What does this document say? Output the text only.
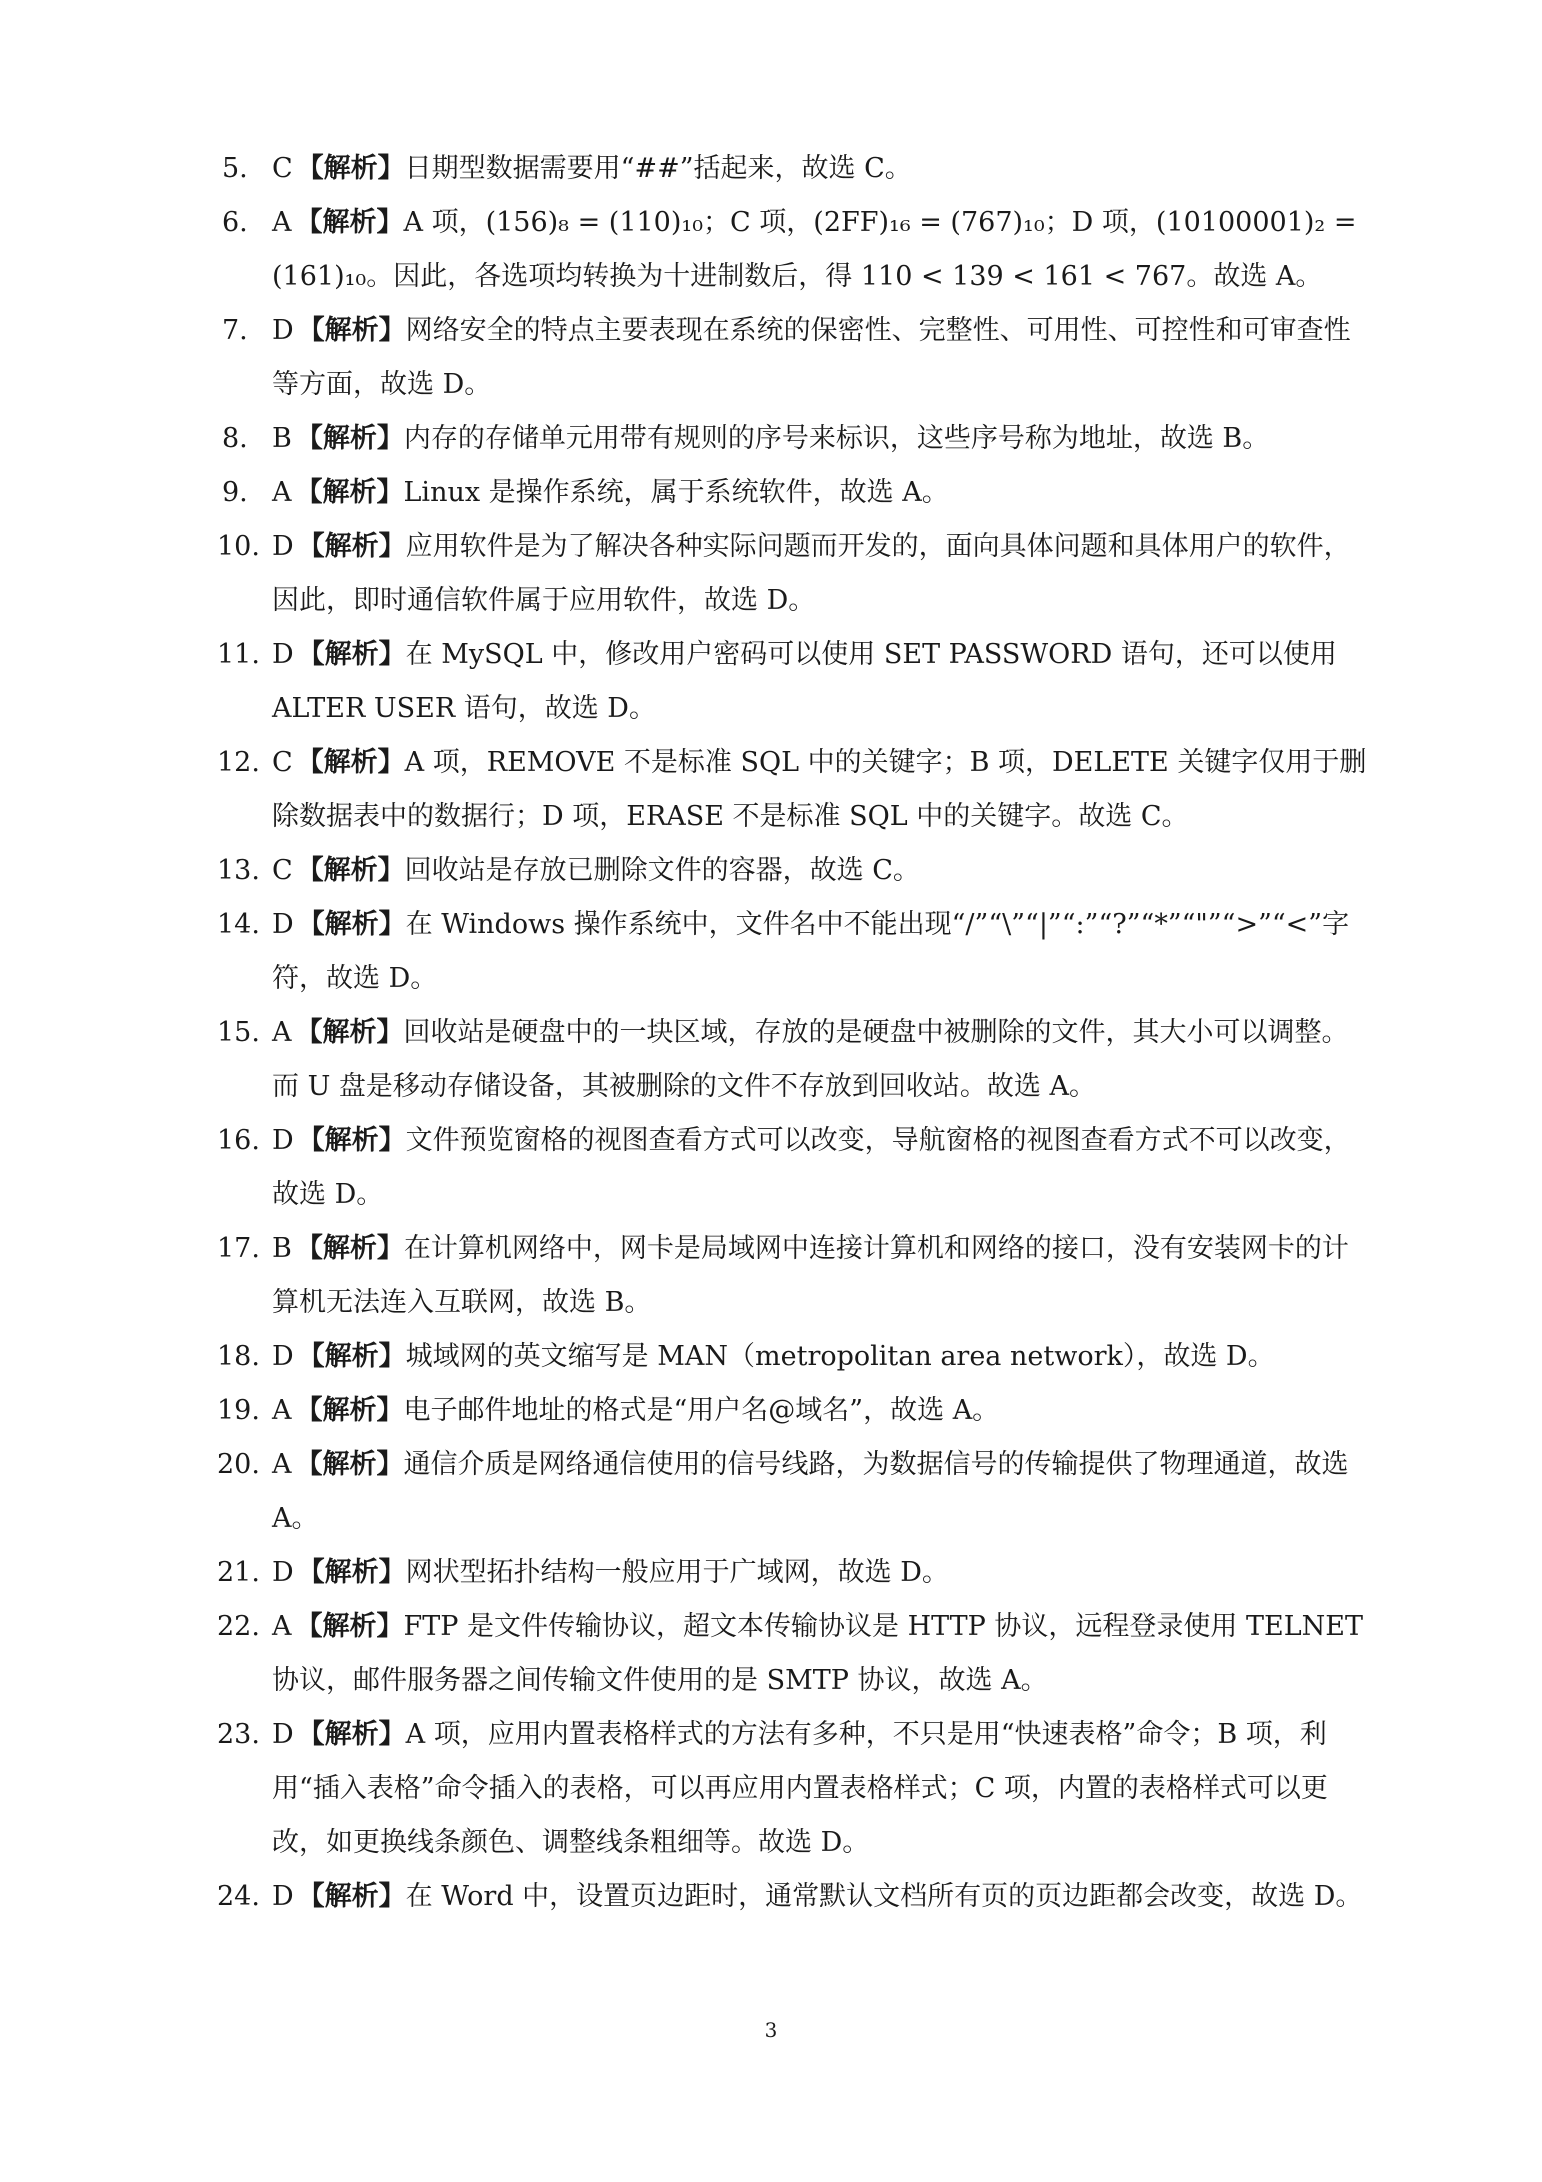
5. C 【解析】日期型数据需要用“##”括起来，故选 C。
6. A 【解析】A 项，(156)₈ = (110)₁₀；C 项，(2FF)₁₆ = (767)₁₀；D 项，(10100001)₂ = (161)₁₀。因此，各选项均转换为十进制数后，得 110 < 139 < 161 < 767。故选 A。
7. D 【解析】网络安全的特点主要表现在系统的保密性、完整性、可用性、可控性和可审查性等方面，故选 D。
8. B 【解析】内存的存储单元用带有规则的序号来标识，这些序号称为地址，故选 B。
9. A 【解析】Linux 是操作系统，属于系统软件，故选 A。
10. D 【解析】应用软件是为了解决各种实际问题而开发的，面向具体问题和具体用户的软件，因此，即时通信软件属于应用软件，故选 D。
11. D 【解析】在 MySQL 中，修改用户密码可以使用 SET PASSWORD 语句，还可以使用 ALTER USER 语句，故选 D。
12. C 【解析】A 项，REMOVE 不是标准 SQL 中的关键字；B 项，DELETE 关键字仅用于删除数据表中的数据行；D 项，ERASE 不是标准 SQL 中的关键字。故选 C。
13. C 【解析】回收站是存放已删除文件的容器，故选 C。
14. D 【解析】在 Windows 操作系统中，文件名中不能出现“/”“\”“|”“:”“?”“*”“"”“>”“<”字符，故选 D。
15. A 【解析】回收站是硬盘中的一块区域，存放的是硬盘中被删除的文件，其大小可以调整。而 U 盘是移动存储设备，其被删除的文件不存放到回收站。故选 A。
16. D 【解析】文件预览窗格的视图查看方式可以改变，导航窗格的视图查看方式不可以改变，故选 D。
17. B 【解析】在计算机网络中，网卡是局域网中连接计算机和网络的接口，没有安装网卡的计算机无法连入互联网，故选 B。
18. D 【解析】城域网的英文缩写是 MAN（metropolitan area network），故选 D。
19. A 【解析】电子邮件地址的格式是“用户名@域名”，故选 A。
20. A 【解析】通信介质是网络通信使用的信号线路，为数据信号的传输提供了物理通道，故选 A。
21. D 【解析】网状型拓扑结构一般应用于广域网，故选 D。
22. A 【解析】FTP 是文件传输协议，超文本传输协议是 HTTP 协议，远程登录使用 TELNET 协议，邮件服务器之间传输文件使用的是 SMTP 协议，故选 A。
23. D 【解析】A 项，应用内置表格样式的方法有多种，不只是用“快速表格”命令；B 项，利用“插入表格”命令插入的表格，可以再应用内置表格样式；C 项，内置的表格样式可以更改，如更换线条颜色、调整线条粗细等。故选 D。
24. D 【解析】在 Word 中，设置页边距时，通常默认文档所有页的页边距都会改变，故选 D。
3
